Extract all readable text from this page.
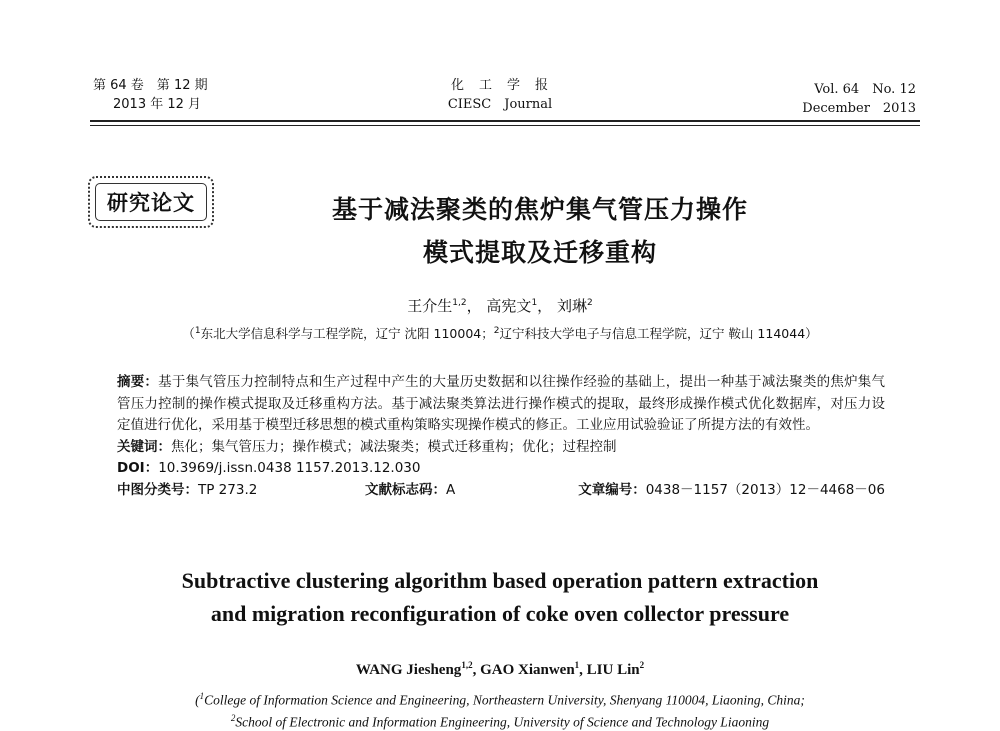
第 64 卷　第 12 期
2013 年 12 月
化　工　学　报
CIESC　Journal
Vol. 64　No. 12
December　2013
研究论文	基于减法聚类的焦炉集气管压力操作
模式提取及迁移重构
王介生$^{1,2}$， 高宪文$^1$， 刘琳$^2$
（$^1$东北大学信息科学与工程学院，辽宁 沈阳 110004；$^2$辽宁科技大学电子与信息工程学院，辽宁 鞍山 114044）
摘要：基于集气管压力控制特点和生产过程中产生的大量历史数据和以往操作经验的基础上，提出一种基于减法聚类的焦炉集气管压力控制的操作模式提取及迁移重构方法。基于减法聚类算法进行操作模式的提取，最终形成操作模式优化数据库，对压力设定值进行优化，采用基于模型迁移思想的模式重构策略实现操作模式的修正。工业应用试验验证了所提方法的有效性。
关键词：焦化；集气管压力；操作模式；减法聚类；模式迁移重构；优化；过程控制
DOI：10.3969/j.issn.0438 1157.2013.12.030
中图分类号：TP 273.2	文献标志码：A	文章编号：0438－1157（2013）12－4468－06
Subtractive clustering algorithm based operation pattern extraction
and migration reconfiguration of coke oven collector pressure
WANG Jiesheng$^{1,2}$, GAO Xianwen$^1$, LIU Lin$^2$
($^1$College of Information Science and Engineering, Northeastern University, Shenyang 110004, Liaoning, China;
$^2$School of Electronic and Information Engineering, University of Science and Technology Liaoning
